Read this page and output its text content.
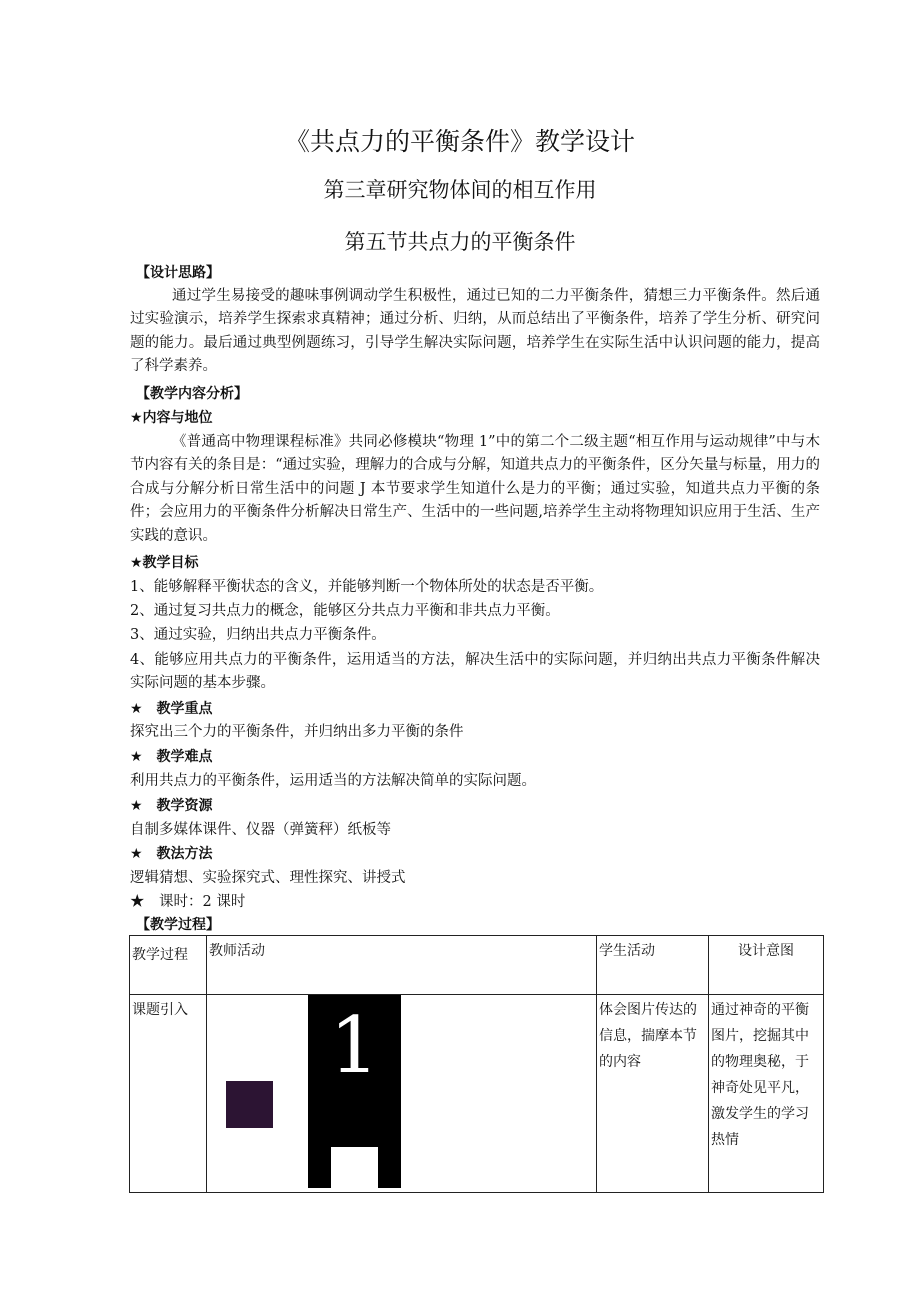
《共点力的平衡条件》教学设计
第三章研究物体间的相互作用
第五节共点力的平衡条件
【设计思路】
通过学生易接受的趣味事例调动学生积极性，通过已知的二力平衡条件，猜想三力平衡条件。然后通过实验演示，培养学生探索求真精神；通过分析、归纳，从而总结出了平衡条件，培养了学生分析、研究问题的能力。最后通过典型例题练习，引导学生解决实际问题，培养学生在实际生活中认识问题的能力，提高了科学素养。
【教学内容分析】
★内容与地位
《普通高中物理课程标准》共同必修模块“物理 1”中的第二个二级主题“相互作用与运动规律”中与木节内容有关的条目是：“通过实验，理解力的合成与分解，知道共点力的平衡条件，区分矢量与标量，用力的合成与分解分析日常生活中的问题 J 本节要求学生知道什么是力的平衡；通过实验，知道共点力平衡的条件；会应用力的平衡条件分析解决日常生产、生活中的一些问题,培养学生主动将物理知识应用于生活、生产实践的意识。
★教学目标
1、能够解释平衡状态的含义，并能够判断一个物体所处的状态是否平衡。
2、通过复习共点力的概念，能够区分共点力平衡和非共点力平衡。
3、通过实验，归纳出共点力平衡条件。
4、能够应用共点力的平衡条件，运用适当的方法，解决生活中的实际问题，并归纳出共点力平衡条件解决实际问题的基本步骤。
★　教学重点
探究出三个力的平衡条件，并归纳出多力平衡的条件
★　教学难点
利用共点力的平衡条件，运用适当的方法解决简单的实际问题。
★　教学资源
自制多媒体课件、仪器（弹簧秤）纸板等
★　教法方法
逻辑猜想、实验探究式、理性探究、讲授式
★　课时：2 课时
【教学过程】
教学过程	教师活动	学生活动	设计意图
课题引入	1	体会图片传达的信息，揣摩本节的内容	通过神奇的平衡图片，挖掘其中的物理奥秘，于神奇处见平凡，激发学生的学习热情
